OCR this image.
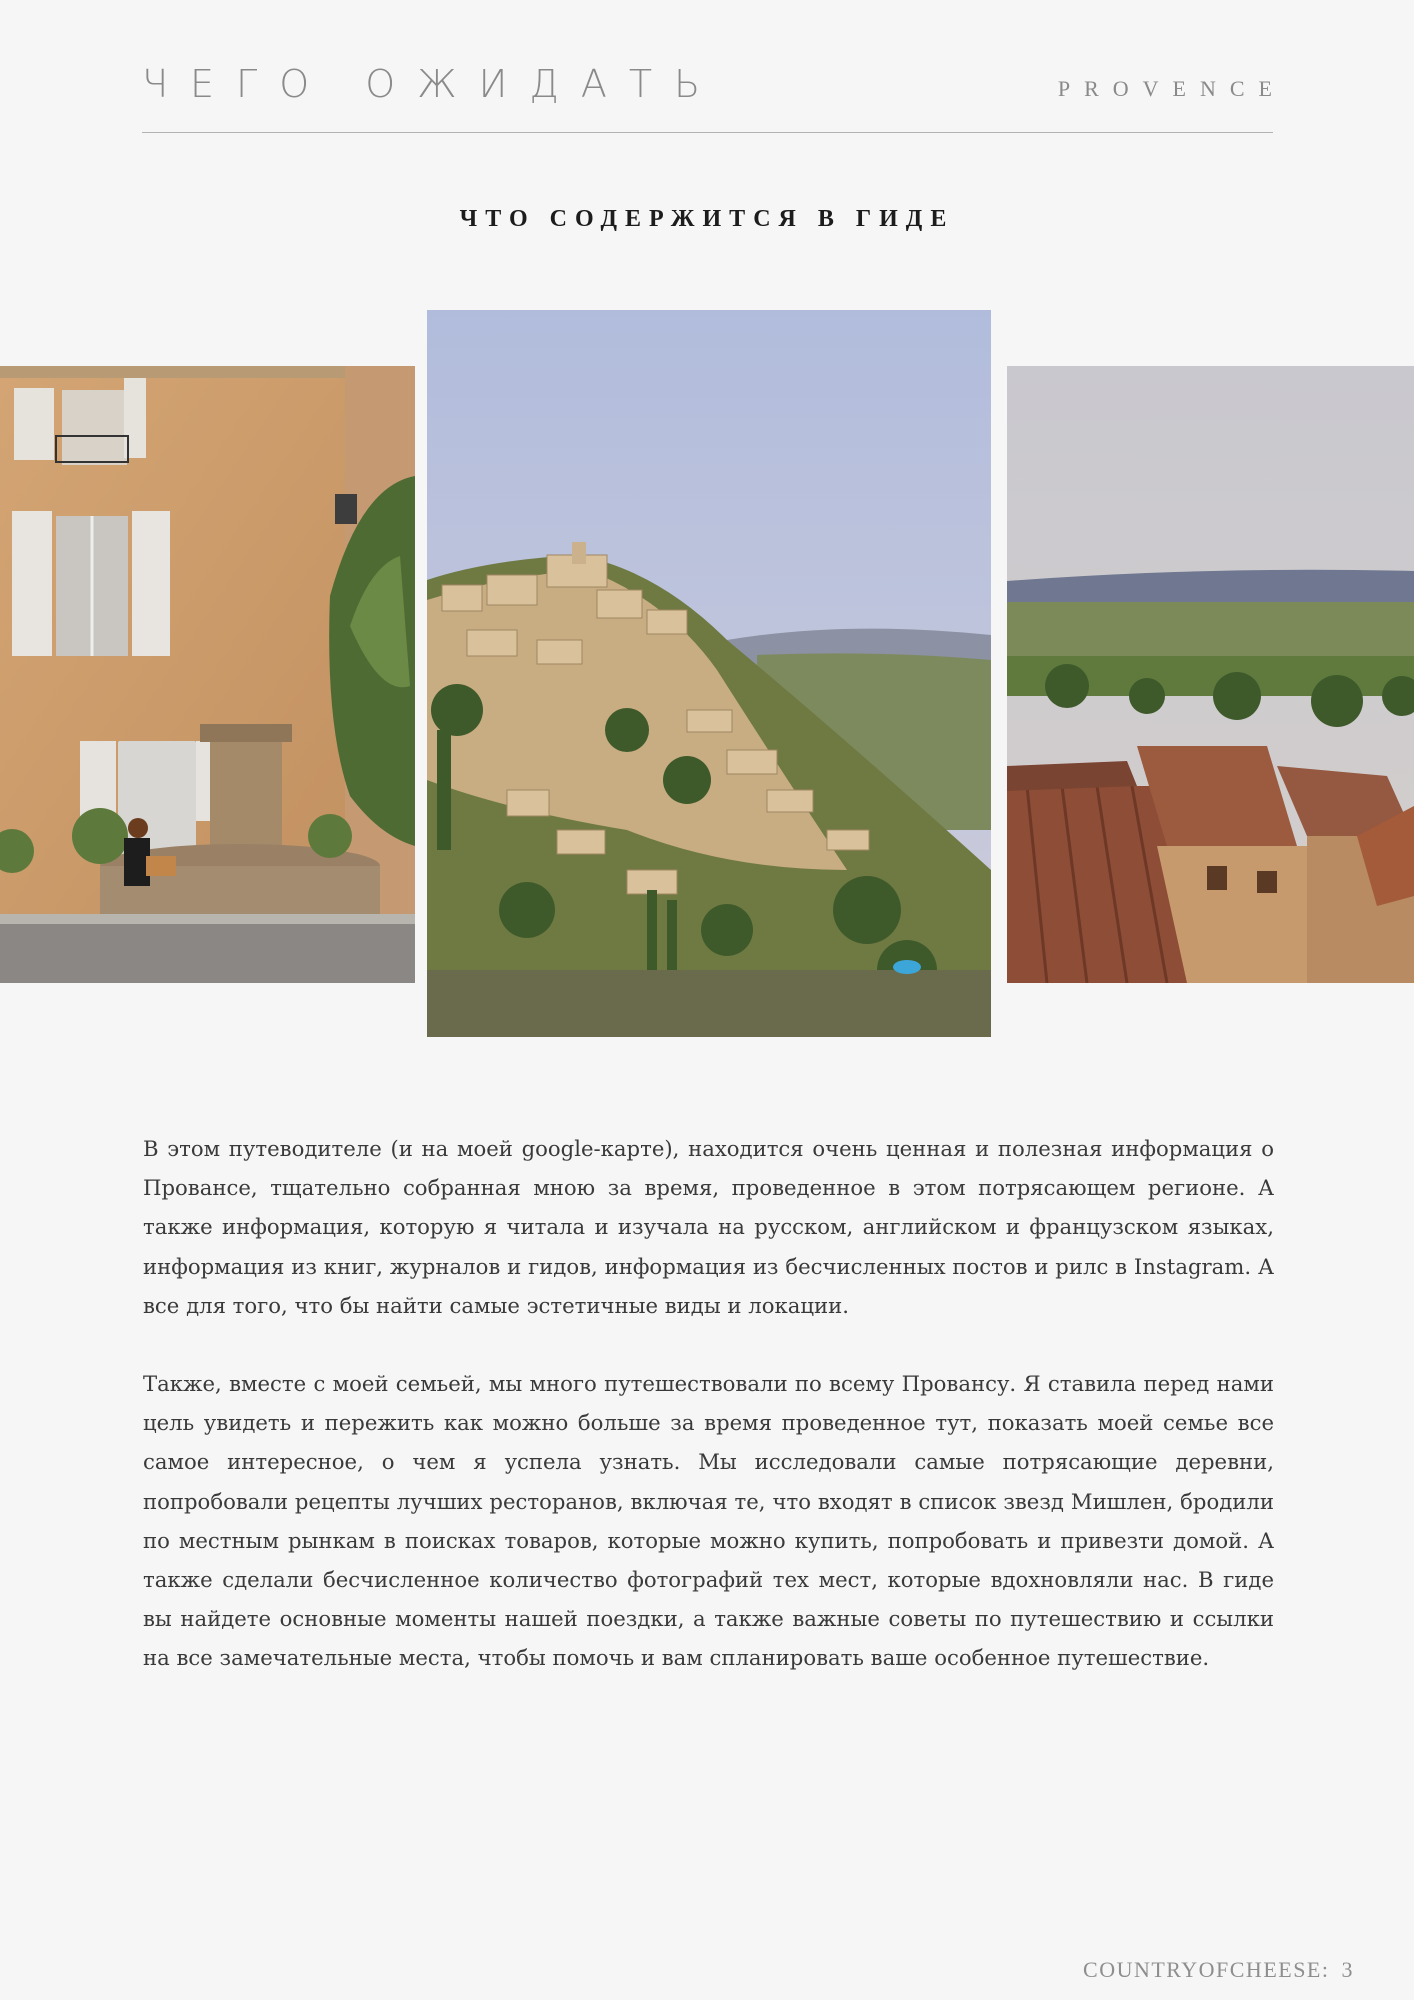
ЧЕГО ОЖИДАТЬ	PROVENCE
ЧТО СОДЕРЖИТСЯ В ГИДЕ

В этом путеводителе (и на моей google-карте), находится очень ценная и полезная информация о Провансе, тщательно собранная мною за время, проведенное в этом потрясающем регионе. А также информация, которую я читала и изучала на русском, английском и французском языках, информация из книг, журналов и гидов, информация из бесчисленных постов и рилс в Instagram. А все для того, что бы найти самые эстетичные виды и локации.

Также, вместе с моей семьей, мы много путешествовали по всему Провансу. Я ставила перед нами цель увидеть и пережить как можно больше за время проведенное тут, показать моей семье все самое интересное, о чем я успела узнать. Мы исследовали самые потрясающие деревни, попробовали рецепты лучших ресторанов, включая те, что входят в список звезд Мишлен, бродили по местным рынкам в поисках товаров, которые можно купить, попробовать и привезти домой. А также сделали бесчисленное количество фотографий тех мест, которые вдохновляли нас. В гиде вы найдете основные моменты нашей поездки, а также важные советы по путешествию и ссылки на все замечательные места, чтобы помочь и вам спланировать ваше особенное путешествие.

COUNTRYOFCHEESE: 3
